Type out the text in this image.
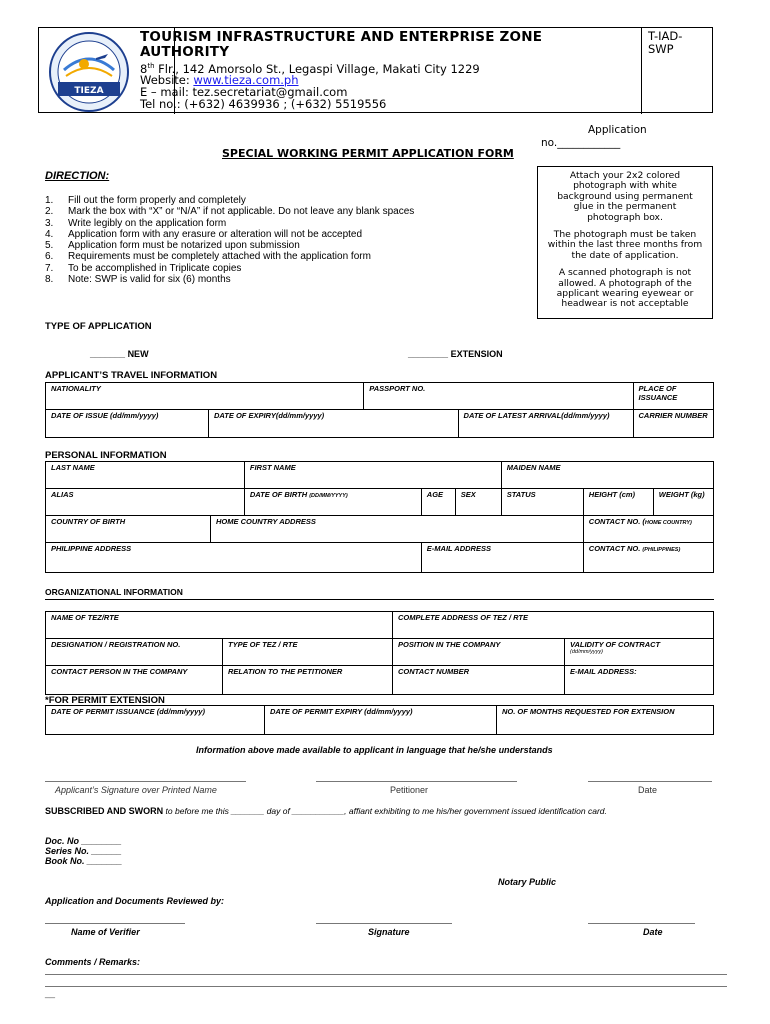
TIEZA
TOURISM INFRASTRUCTURE AND ENTERPRISE ZONE
AUTHORITY
8th Flr., 142 Amorsolo St., Legaspi Village, Makati City 1229
Website: www.tieza.com.ph
E – mail: tez.secretariat@gmail.com
Tel no.: (+632) 4639936 ; (+632) 5519556
T-IAD-
SWP
Application
no.____________
SPECIAL WORKING PERMIT APPLICATION FORM
DIRECTION:
1. Fill out the form properly and completely
2. Mark the box with “X” or “N/A” if not applicable. Do not leave any blank spaces
3. Write legibly on the application form
4. Application form with any erasure or alteration will not be accepted
5. Application form must be notarized upon submission
6. Requirements must be completely attached with the application form
7. To be accomplished in Triplicate copies
8. Note: SWP is valid for six (6) months

Attach your 2x2 colored photograph with white background using permanent glue in the permanent photograph box.

The photograph must be taken within the last three months from the date of application.

A scanned photograph is not allowed. A photograph of the applicant wearing eyewear or headwear is not acceptable

TYPE OF APPLICATION
_______ NEW	________ EXTENSION
APPLICANT’S TRAVEL INFORMATION
NATIONALITY		PASSPORT NO.		PLACE OF ISSUANCE
DATE OF ISSUE (dd/mm/yyyy)	DATE OF EXPIRY(dd/mm/yyyy)		DATE OF LATEST ARRIVAL(dd/mm/yyyy)	CARRIER NUMBER
PERSONAL INFORMATION
LAST NAME		FIRST NAME			MAIDEN NAME		
ALIAS		DATE OF BIRTH (DD/MM/YYYY)	AGE	SEX	STATUS	HEIGHT (cm)	WEIGHT (kg)
COUNTRY OF BIRTH	HOME COUNTRY ADDRESS					CONTACT NO. (HOME COUNTRY)	
PHILIPPINE ADDRESS			E-MAIL ADDRESS			CONTACT NO. (PHILIPPINES)	
ORGANIZATIONAL INFORMATION
NAME OF TEZ/RTE		COMPLETE ADDRESS OF TEZ / RTE	
DESIGNATION / REGISTRATION NO.	TYPE OF TEZ / RTE	POSITION IN THE COMPANY	VALIDITY OF CONTRACT
(dd/mm/yyyy)

CONTACT PERSON IN THE COMPANY	RELATION TO THE PETITIONER	CONTACT NUMBER	E-MAIL ADDRESS:
*FOR PERMIT EXTENSION
DATE OF PERMIT ISSUANCE (dd/mm/yyyy)	DATE OF PERMIT EXPIRY (dd/mm/yyyy)	NO. OF MONTHS REQUESTED FOR EXTENSION
Information above made available to applicant in language that he/she understands
Applicant’s Signature over Printed Name	Petitioner	Date
SUBSCRIBED AND SWORN to before me this _______ day of ___________, affiant exhibiting to me his/her government issued identification card.
Doc. No ________
Series No. ______
Book No. _______
Notary Public
Application and Documents Reviewed by:
Name of Verifier	Signature	Date
Comments / Remarks:
__
